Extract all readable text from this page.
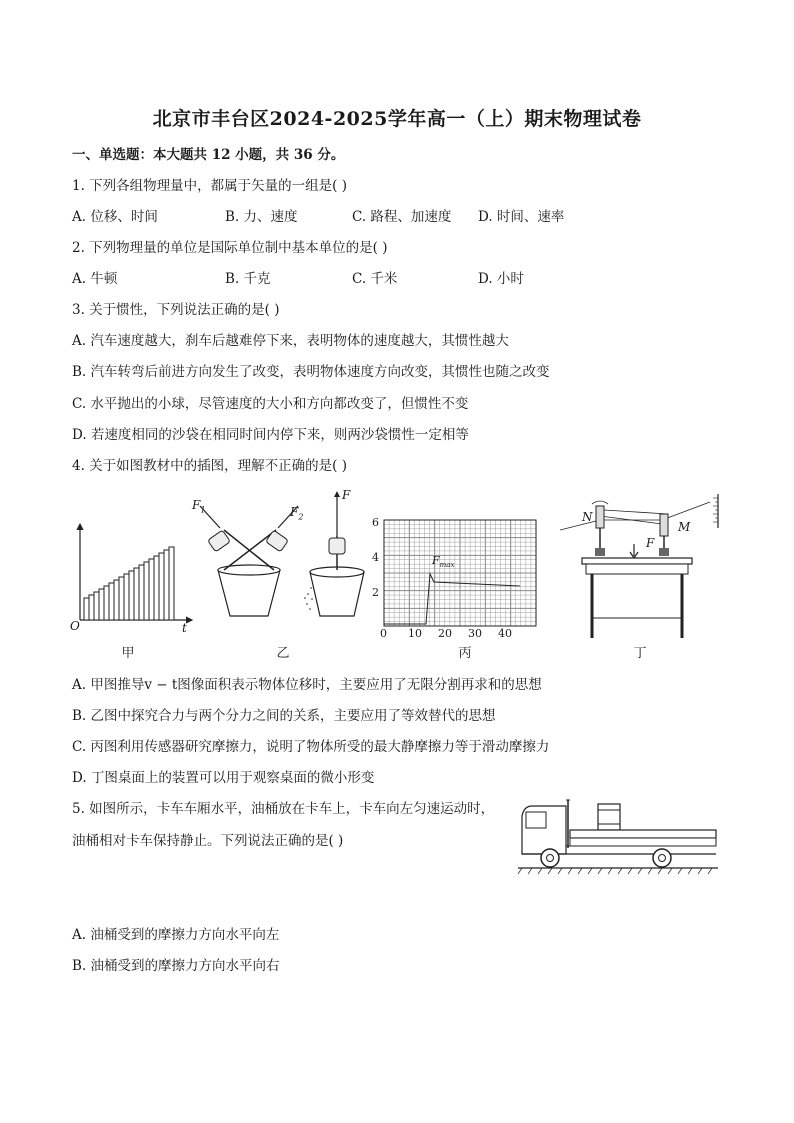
北京市丰台区2024-2025学年高一（上）期末物理试卷
一、单选题：本大题共 12 小题，共 36 分。
1. 下列各组物理量中，都属于矢量的一组是( )
A. 位移、时间	B. 力、速度	C. 路程、加速度 D. 时间、速率
2. 下列物理量的单位是国际单位制中基本单位的是( )
A. 牛顿	B. 千克	C. 千米	D. 小时
3. 关于惯性，下列说法正确的是( )
A. 汽车速度越大，刹车后越难停下来，表明物体的速度越大，其惯性越大
B. 汽车转弯后前进方向发生了改变，表明物体速度方向改变，其惯性也随之改变
C. 水平抛出的小球，尽管速度的大小和方向都改变了，但惯性不变
D. 若速度相同的沙袋在相同时间内停下来，则两沙袋惯性一定相等
4. 关于如图教材中的插图，理解不正确的是( )
O	t
甲
$F_1$	$F_2$
F
乙
6
4
2
0 10 20 30 40
$F_{max}$
丙
N
M
F
丁
A. 甲图推导v − t图像面积表示物体位移时，主要应用了无限分割再求和的思想
B. 乙图中探究合力与两个分力之间的关系，主要应用了等效替代的思想
C. 丙图利用传感器研究摩擦力，说明了物体所受的最大静摩擦力等于滑动摩擦力
D. 丁图桌面上的装置可以用于观察桌面的微小形变
5. 如图所示，卡车车厢水平，油桶放在卡车上，卡车向左匀速运动时，
油桶相对卡车保持静止。下列说法正确的是( )
A. 油桶受到的摩擦力方向水平向左
B. 油桶受到的摩擦力方向水平向右
